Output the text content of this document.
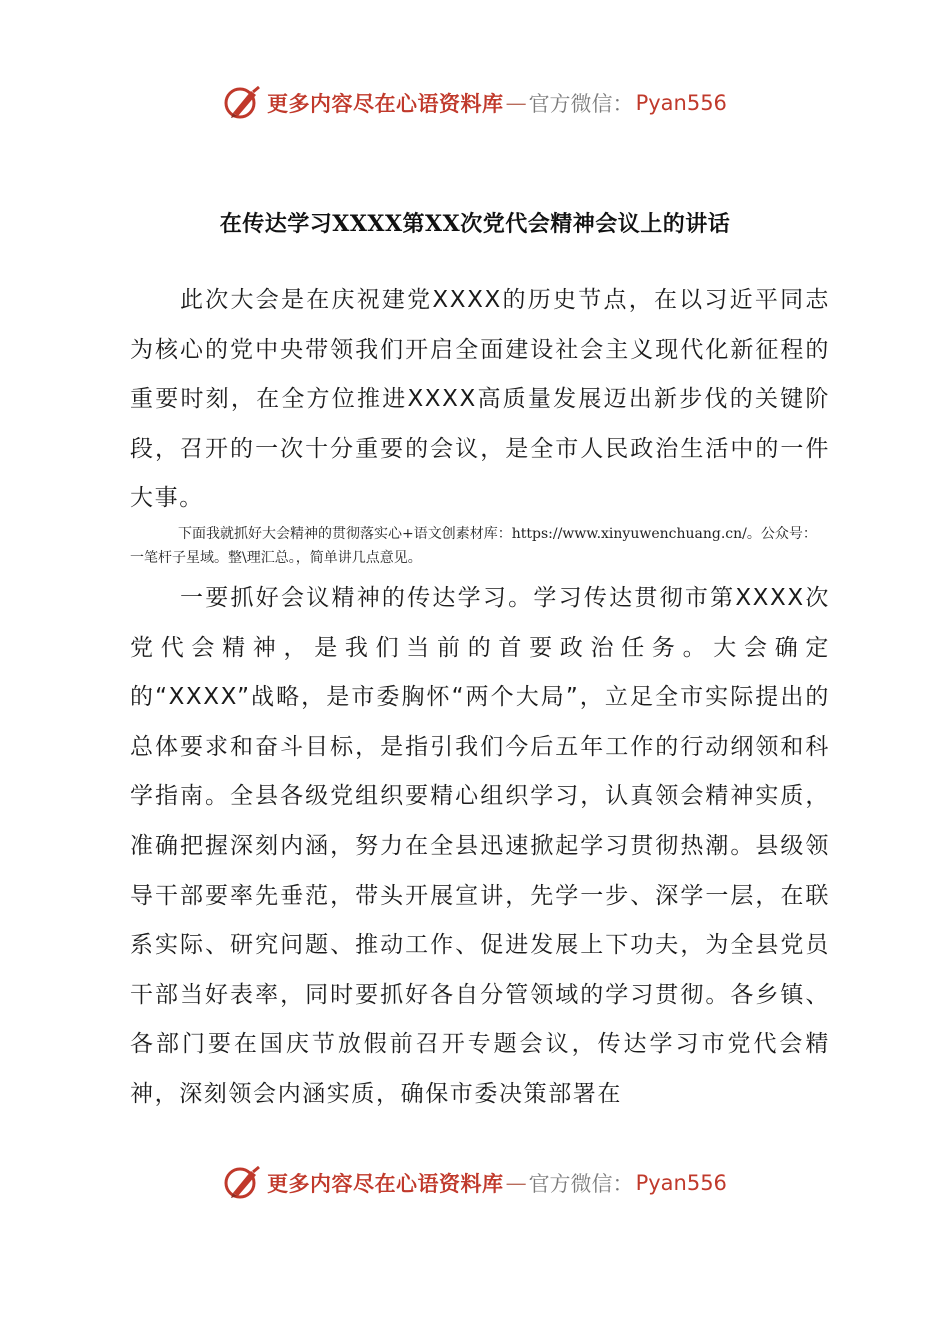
更多内容尽在心语资料库 — 官方微信： Pyan556
在传达学习XXXX第XX次党代会精神会议上的讲话

此次大会是在庆祝建党XXXX的历史节点，在以习近平同志为核心的党中央带领我们开启全面建设社会主义现代化新征程的重要时刻，在全方位推进XXXX高质量发展迈出新步伐的关键阶段，召开的一次十分重要的会议，是全市人民政治生活中的一件大事。

下面我就抓好大会精神的贯彻落实心+语文创素材库：https://www.xinyuwenchuang.cn/。公众号：一笔杆子星域。整\理汇总。，简单讲几点意见。

一要抓好会议精神的传达学习。学习传达贯彻市第XXXX次党代会精神，是我们当前的首要政治任务。大会确定的“XXXX”战略，是市委胸怀“两个大局”，立足全市实际提出的总体要求和奋斗目标，是指引我们今后五年工作的行动纲领和科学指南。全县各级党组织要精心组织学习，认真领会精神实质，准确把握深刻内涵，努力在全县迅速掀起学习贯彻热潮。县级领导干部要率先垂范，带头开展宣讲，先学一步、深学一层，在联系实际、研究问题、推动工作、促进发展上下功夫，为全县党员干部当好表率，同时要抓好各自分管领域的学习贯彻。各乡镇、各部门要在国庆节放假前召开专题会议，传达学习市党代会精神，深刻领会内涵实质，确保市委决策部署在

更多内容尽在心语资料库 — 官方微信： Pyan556
